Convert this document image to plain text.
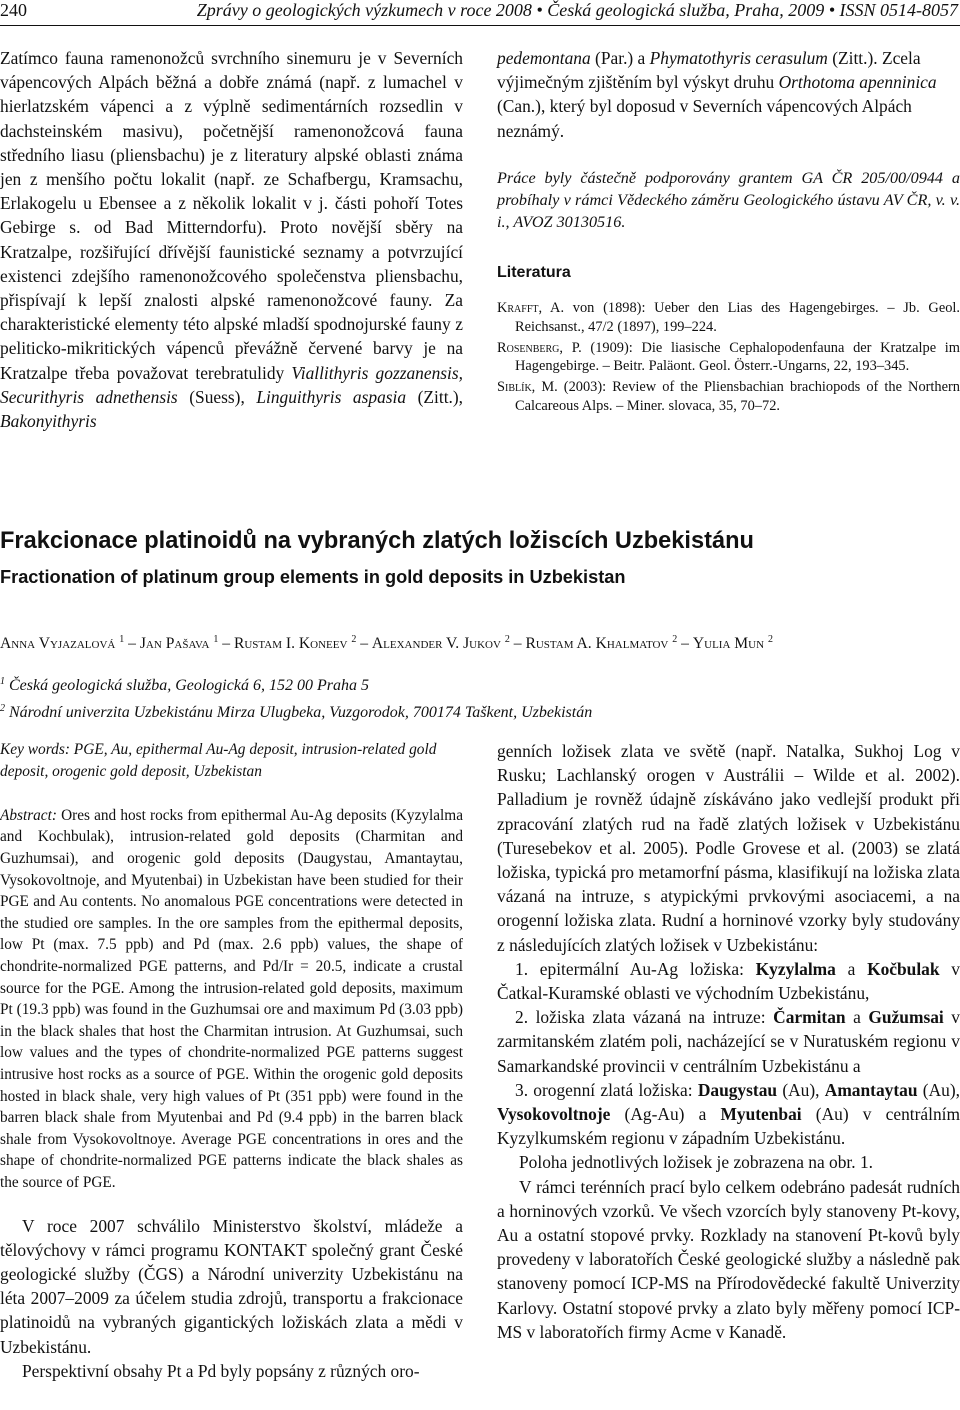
240	Zprávy o geologických výzkumech v roce 2008 • Česká geologická služba, Praha, 2009 • ISSN 0514-8057

Zatímco fauna ramenonožců svrchního sinemuru je v Severních vápencových Alpách běžná a dobře známá (např. z lumachel v hierlatzském vápenci a z výplně sedimentárních rozsedlin v dachsteinském masivu), početnější ramenonožcová fauna středního liasu (pliensbachu) je z literatury alpské oblasti známa jen z menšího počtu lokalit (např. ze Schafbergu, Kramsachu, Erlakogelu u Ebensee a z několik lokalit v j. části pohoří Totes Gebirge s. od Bad Mitterndorfu). Proto novější sběry na Kratzalpe, rozšiřující dřívější faunistické seznamy a potvrzující existenci zdejšího ramenonožcového společenstva pliensbachu, přispívají k lepší znalosti alpské ramenonožcové fauny. Za charakteristické elementy této alpské mladší spodnojurské fauny z peliticko-mikritických vápenců převážně červené barvy je na Kratzalpe třeba považovat terebratulidy Viallithyris gozzanensis, Securithyris adnethensis (Suess), Linguithyris aspasia (Zitt.), Bakonyithyris

pedemontana (Par.) a Phymatothyris cerasulum (Zitt.). Zcela výjimečným zjištěním byl výskyt druhu Orthotoma apenninica (Can.), který byl doposud v Severních vápencových Alpách neznámý.

Práce byly částečně podporovány grantem GA ČR 205/00/0944 a probíhaly v rámci Vědeckého záměru Geologického ústavu AV ČR, v. v. i., AVOZ 30130516.

Literatura

Krafft, A. von (1898): Ueber den Lias des Hagengebirges. – Jb. Geol. Reichsanst., 47/2 (1897), 199–224.

Rosenberg, P. (1909): Die liasische Cephalopodenfauna der Kratzalpe im Hagengebirge. – Beitr. Paläont. Geol. Österr.-Ungarns, 22, 193–345.

Siblík, M. (2003): Review of the Pliensbachian brachiopods of the Northern Calcareous Alps. – Miner. slovaca, 35, 70–72.

Frakcionace platinoidů na vybraných zlatých ložiscích Uzbekistánu
Fractionation of platinum group elements in gold deposits in Uzbekistan
Anna Vyjazalová $^1$ – Jan Pašava $^1$ – Rustam I. Koneev $^2$ – Alexander V. Jukov $^2$ – Rustam A. Khalmatov $^2$ – Yulia Mun $^2$
$^1$ Česká geologická služba, Geologická 6, 152 00 Praha 5
$^2$ Národní univerzita Uzbekistánu Mirza Ulugbeka, Vuzgorodok, 700174 Taškent, Uzbekistán

Key words: PGE, Au, epithermal Au-Ag deposit, intrusion-related gold deposit, orogenic gold deposit, Uzbekistan

Abstract: Ores and host rocks from epithermal Au-Ag deposits (Kyzylalma and Kochbulak), intrusion-related gold deposits (Charmitan and Guzhumsai), and orogenic gold deposits (Daugystau, Amantaytau, Vysokovoltnoje, and Myutenbai) in Uzbekistan have been studied for their PGE and Au contents. No anomalous PGE concentrations were detected in the studied ore samples. In the ore samples from the epithermal deposits, low Pt (max. 7.5 ppb) and Pd (max. 2.6 ppb) values, the shape of chondrite-normalized PGE patterns, and Pd/Ir = 20.5, indicate a crustal source for the PGE. Among the intrusion-related gold deposits, maximum Pt (19.3 ppb) was found in the Guzhumsai ore and maximum Pd (3.03 ppb) in the black shales that host the Charmitan intrusion. At Guzhumsai, such low values and the types of chondrite-normalized PGE patterns suggest intrusive host rocks as a source of PGE. Within the orogenic gold deposits hosted in black shale, very high values of Pt (351 ppb) were found in the barren black shale from Myutenbai and Pd (9.4 ppb) in the barren black shale from Vysokovoltnoye. Average PGE concentrations in ores and the shape of chondrite-normalized PGE patterns indicate the black shales as the source of PGE.

V roce 2007 schválilo Ministerstvo školství, mládeže a tělovýchovy v rámci programu KONTAKT společný grant České geologické služby (ČGS) a Národní univerzity Uzbekistánu na léta 2007–2009 za účelem studia zdrojů, transportu a frakcionace platinoidů na vybraných gigantických ložiskách zlata a mědi v Uzbekistánu.

Perspektivní obsahy Pt a Pd byly popsány z různých oro-

genních ložisek zlata ve světě (např. Natalka, Sukhoj Log v Rusku; Lachlanský orogen v Austrálii – Wilde et al. 2002). Palladium je rovněž údajně získáváno jako vedlejší produkt při zpracování zlatých rud na řadě zlatých ložisek v Uzbekistánu (Turesebekov et al. 2005). Podle Grovese et al. (2003) se zlatá ložiska, typická pro metamorfní pásma, klasifikují na ložiska zlata vázaná na intruze, s atypickými prvkovými asociacemi, a na orogenní ložiska zlata. Rudní a horninové vzorky byly studovány z následujících zlatých ložisek v Uzbekistánu:

1. epitermální Au-Ag ložiska: Kyzylalma a Kočbulak v Čatkal-Kuramské oblasti ve východním Uzbekistánu,

2. ložiska zlata vázaná na intruze: Čarmitan a Gužumsai v zarmitanském zlatém poli, nacházející se v Nuratuském regionu v Samarkandské provincii v centrálním Uzbekistánu a

3. orogenní zlatá ložiska: Daugystau (Au), Amantaytau (Au), Vysokovoltnoje (Ag-Au) a Myutenbai (Au) v centrálním Kyzylkumském regionu v západním Uzbekistánu.

Poloha jednotlivých ložisek je zobrazena na obr. 1.

V rámci terénních prací bylo celkem odebráno padesát rudních a horninových vzorků. Ve všech vzorcích byly stanoveny Pt-kovy, Au a ostatní stopové prvky. Rozklady na stanovení Pt-kovů byly provedeny v laboratořích České geologické služby a následně pak stanoveny pomocí ICP-MS na Přírodovědecké fakultě Univerzity Karlovy. Ostatní stopové prvky a zlato byly měřeny pomocí ICP-MS v laboratořích firmy Acme v Kanadě.
